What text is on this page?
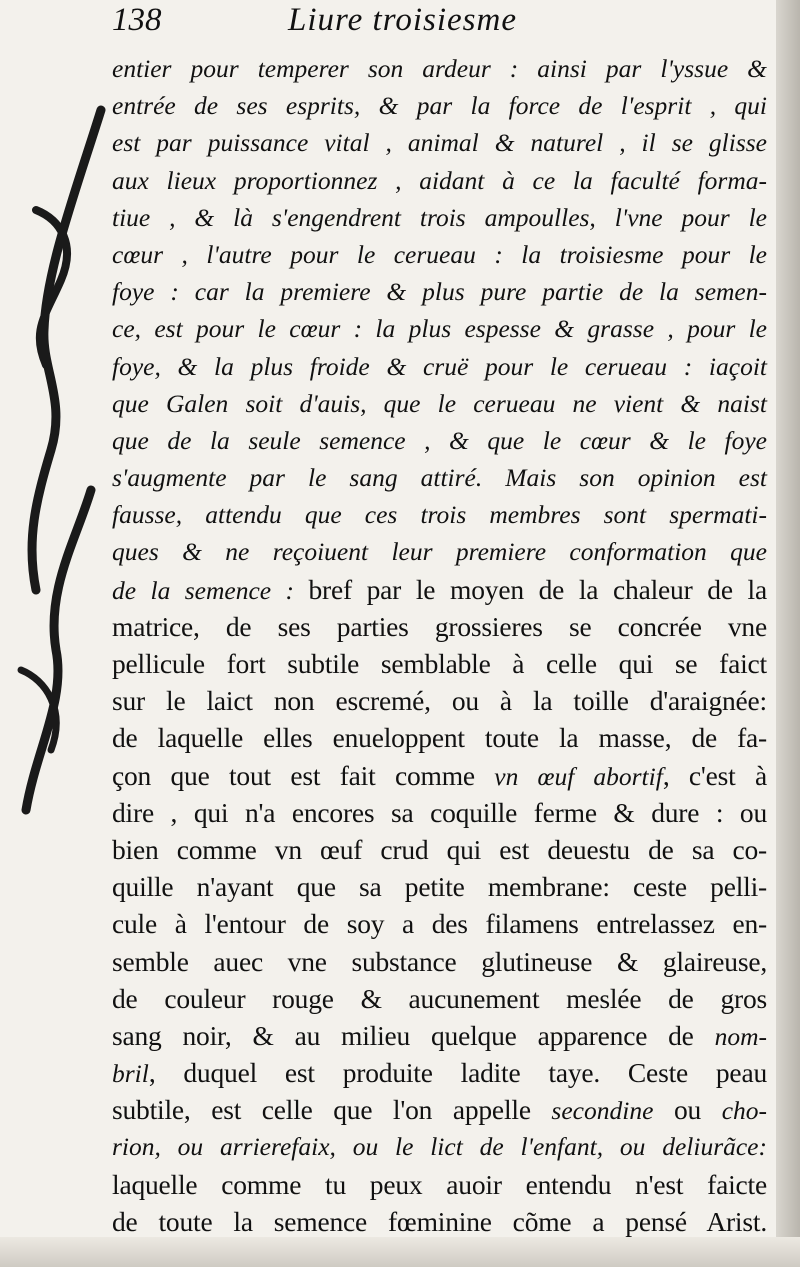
138	Liure troisiesme
entier pour temperer son ardeur : ainsi par l'yssue &
entrée de ses esprits, & par la force de l'esprit , qui
est par puissance vital , animal & naturel , il se glisse
aux lieux proportionnez , aidant à ce la faculté forma-
tiue , & là s'engendrent trois ampoulles, l'vne pour le
cœur , l'autre pour le cerueau : la troisiesme pour le
foye : car la premiere & plus pure partie de la semen-
ce, est pour le cœur : la plus espesse & grasse , pour le
foye, & la plus froide & cruë pour le cerueau : iaçoit
que Galen soit d'auis, que le cerueau ne vient & naist
que de la seule semence , & que le cœur & le foye
s'augmente par le sang attiré. Mais son opinion est
fausse, attendu que ces trois membres sont spermati-
ques & ne reçoiuent leur premiere conformation que
de la semence : bref par le moyen de la chaleur de la
matrice, de ses parties grossieres se concrée vne
pellicule fort subtile semblable à celle qui se faict
sur le laict non escremé, ou à la toille d'araignée:
de laquelle elles enueloppent toute la masse, de fa-
çon que tout est fait comme vn œuf abortif, c'est à
dire , qui n'a encores sa coquille ferme & dure : ou
bien comme vn œuf crud qui est deuestu de sa co-
quille n'ayant que sa petite membrane: ceste pelli-
cule à l'entour de soy a des filamens entrelassez en-
semble auec vne substance glutineuse & glaireuse,
de couleur rouge & aucunement meslée de gros
sang noir, & au milieu quelque apparence de nom-
bril, duquel est produite ladite taye. Ceste peau
subtile, est celle que l'on appelle secondine ou cho-
rion, ou arrierefaix, ou le lict de l'enfant, ou deliurãce:
laquelle comme tu peux auoir entendu n'est faicte
de toute la semence fœminine cõme a pensé Arist.
